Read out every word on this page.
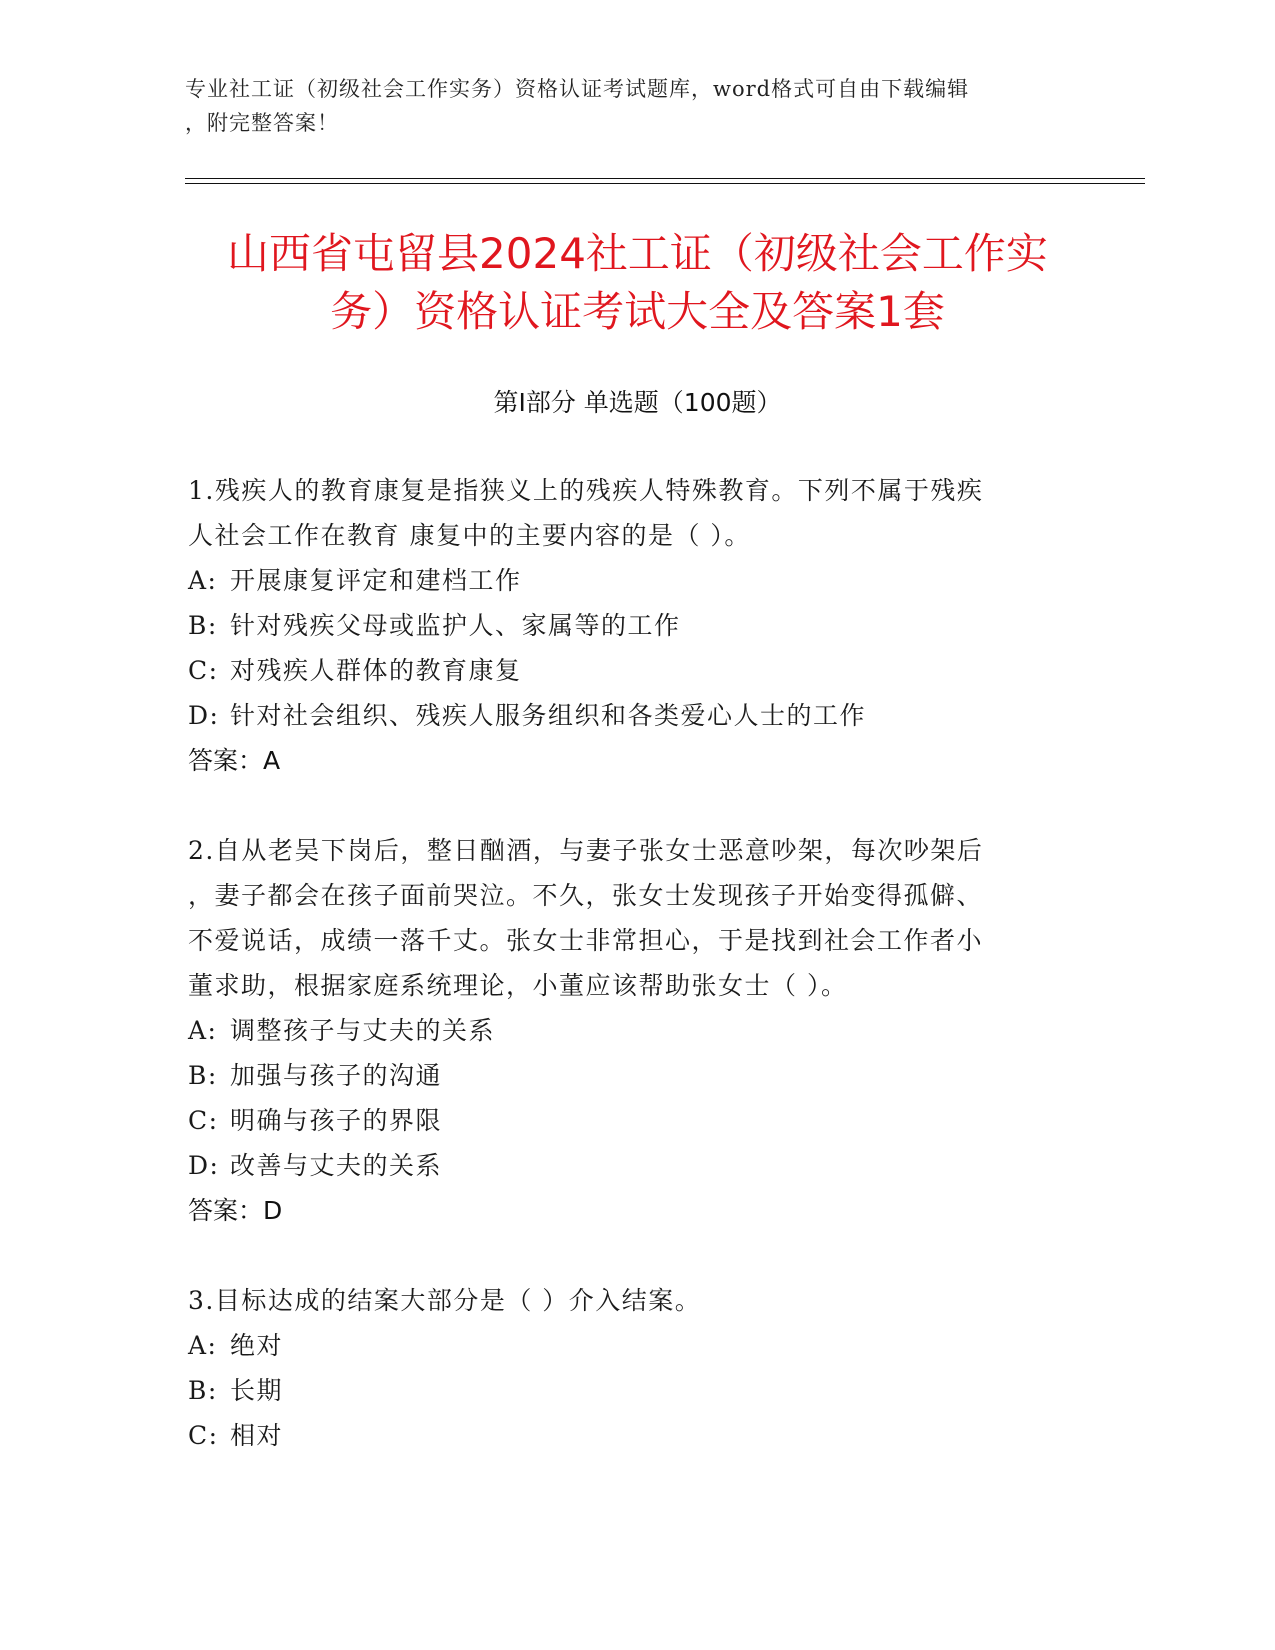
专业社工证（初级社会工作实务）资格认证考试题库，word格式可自由下载编辑
，附完整答案！
山西省屯留县2024社工证（初级社会工作实
务）资格认证考试大全及答案1套
第I部分 单选题（100题）
1.残疾人的教育康复是指狭义上的残疾人特殊教育。下列不属于残疾
人社会工作在教育 康复中的主要内容的是（ ）。
A: 开展康复评定和建档工作
B: 针对残疾父母或监护人、家属等的工作
C: 对残疾人群体的教育康复
D: 针对社会组织、残疾人服务组织和各类爱心人士的工作
答案：A
2.自从老吴下岗后，整日酗酒，与妻子张女士恶意吵架，每次吵架后
，妻子都会在孩子面前哭泣。不久，张女士发现孩子开始变得孤僻、
不爱说话，成绩一落千丈。张女士非常担心，于是找到社会工作者小
董求助，根据家庭系统理论，小董应该帮助张女士（ ）。
A: 调整孩子与丈夫的关系
B: 加强与孩子的沟通
C: 明确与孩子的界限
D: 改善与丈夫的关系
答案：D
3.目标达成的结案大部分是（ ）介入结案。
A: 绝对
B: 长期
C: 相对
